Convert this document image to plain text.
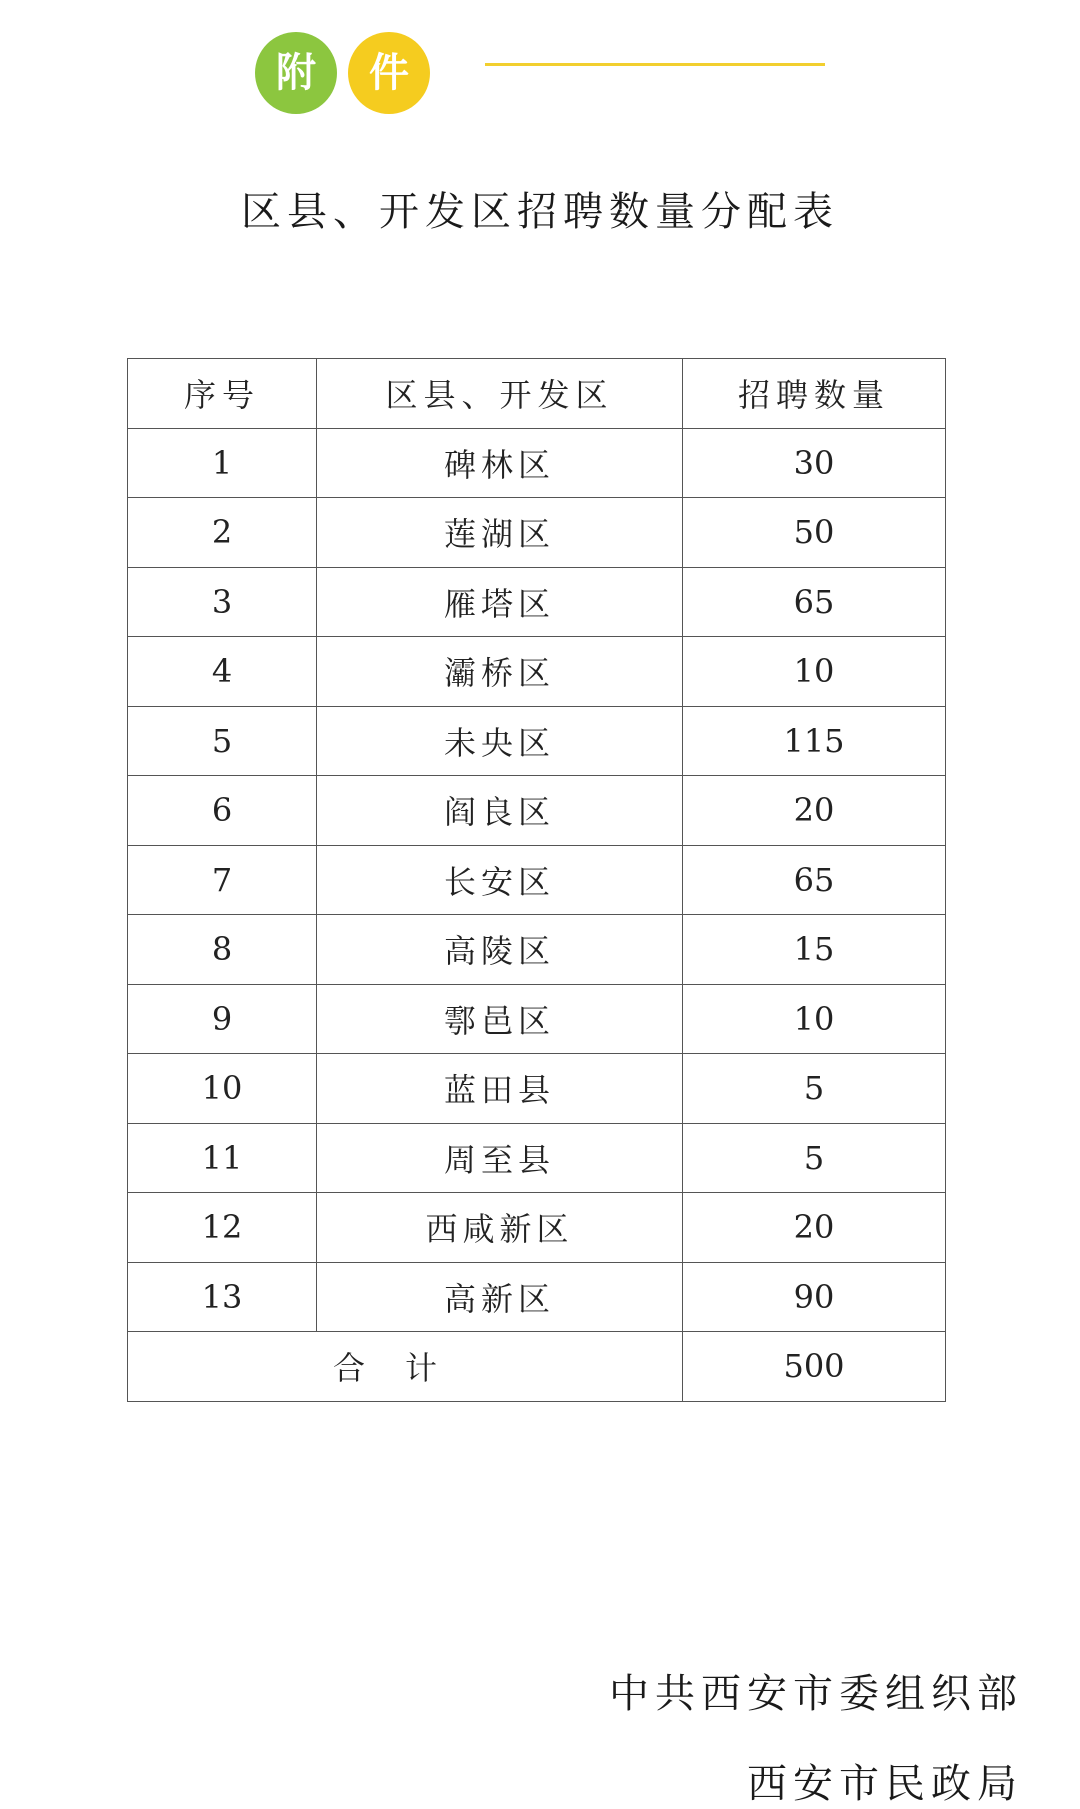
附	件
区县、开发区招聘数量分配表
序号	区县、开发区	招聘数量
1	碑林区	30
2	莲湖区	50
3	雁塔区	65
4	灞桥区	10
5	未央区	115
6	阎良区	20
7	长安区	65
8	高陵区	15
9	鄠邑区	10
10	蓝田县	5
11	周至县	5
12	西咸新区	20
13	高新区	90
合计		500
中共西安市委组织部
西安市民政局
